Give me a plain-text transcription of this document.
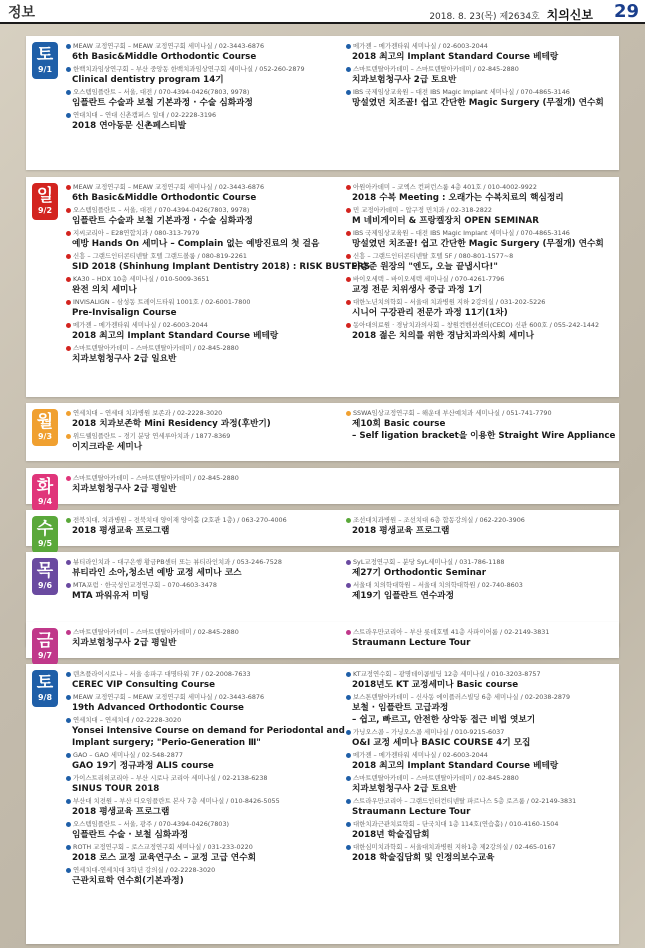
정보	2018. 8. 23(목) 제2634호 치의신보 29
토
9/1
MEAW 교정연구회 – MEAW 교정연구회 세미나실 / 02-3443-6876
6th Basic&Middle Orthodontic Course
한백치과임상연구회 – 부산 중앙동 한백치과임상연구회 세미나실 / 052-260-2879
Clinical dentistry program 14기
오스템임플란트 – 서울, 대전 / 070-4394-0426(7803, 9978)
임플란트 수술과 보철 기본과정 · 수술 심화과정
연대치대 – 연대 신촌캠퍼스 일대 / 02-2228-3196
2018 연아동문 신촌페스티발
메가젠 – 메가젠타워 세미나실 / 02-6003-2044
2018 최고의 Implant Standard Course 베테랑
스마트덴탈아카데미 – 스마트덴탈아카데미 / 02-845-2880
치과보험청구사 2급 토요반
IBS 국제임상교육원 – 대전 IBS Magic Implant 세미나실 / 070-4865-3146
망설였던 치조골! 쉽고 간단한 Magic Surgery (무절개) 연수회
일
9/2
MEAW 교정연구회 – MEAW 교정연구회 세미나실 / 02-3443-6876
6th Basic&Middle Orthodontic Course
오스템임플란트 – 서울, 대전 / 070-4394-0426(7803, 9978)
임플란트 수술과 보철 기본과정 · 수술 심화과정
지씨코리아 – E28연합치과 / 080-313-7979
예방 Hands On 세미나 – Complain 없는 예방진료의 첫 걸음
신흥 – 그랜드인터콘티넨탈 호텔 그랜드볼룸 / 080-819-2261
SID 2018 (Shinhung Implant Dentistry 2018) : RISK BUSTERS
KA30 – HDX 10층 세미나실 / 010-5009-3651
완전 의치 세미나
INVISALIGN – 삼성동 트레이드타워 1001호 / 02-6001-7800
Pre-Invisalign Course
메가젠 – 메가젠타워 세미나실 / 02-6003-2044
2018 최고의 Implant Standard Course 베테랑
스마트덴탈아카데미 – 스마트덴탈아카데미 / 02-845-2880
치과보험청구사 2급 일요반
아원아카데미 – 코엑스 컨퍼런스룸 4층 401호 / 010-4002-9922
2018 수복 Meeting : 오래가는 수복치료의 핵심정리
민 교정아카데미 – 압구정 민치과 / 02-318-2822
M 네비게이터 & 프랑켈장치 OPEN SEMINAR
IBS 국제임상교육원 – 대전 IBS Magic Implant 세미나실 / 070-4865-3146
망설였던 치조골! 쉽고 간단한 Magic Surgery (무절개) 연수회
신흥 – 그랜드인터콘티넨탈 호텔 5F / 080-801-1577~8
이승준 원장의 "엔도, 오늘 끝냅시다!"
바이오세텍 – 바이오세텍 세미나실 / 070-4261-7796
교정 전문 치위생사 중급 과정 1기
대한노년치의학회 – 서울대 치과병원 지하 2강의실 / 031-202-5226
시니어 구강관리 전문가 과정 11기(1차)
동아대의료원 · 경남치과의사회 – 창원컨벤션센터(CECO) 신관 600호 / 055-242-1442
2018 젊은 치의를 위한 경남치과의사회 세미나
월
9/3
연세치대 – 연세대 치과병원 보존과 / 02-2228-3020
2018 치과보존학 Mini Residency 과정(후반기)
위드웰임플란트 – 경기 분당 연세루아치과 / 1877-8369
이지크라운 세미나
SSWA임상교정연구회 – 해운대 부산예치과 세미나실 / 051-741-7790
제10회 Basic course
– Self ligation bracket을 이용한 Straight Wire Appliance
화
9/4
스마트덴탈아카데미 – 스마트덴탈아카데미 / 02-845-2880
치과보험청구사 2급 평일반
수
9/5
전북치대, 치과병원 – 전북치대 양이재 양이홀 (2호관 1층) / 063-270-4006
2018 평생교육 프로그램
조선대치과병원 – 조선치대 6층 합동강의실 / 062-220-3906
2018 평생교육 프로그램
목
9/6
뷰티라인치과 – 대구은행 황금PB센터 또는 뷰티라인치과 / 053-246-7528
뷰티라인 소아,청소년 예방 교정 세미나 코스
MTA포럼 · 한국성인교정연구회 – 070-4603-3478
MTA 파워유저 미팅
SyL교정연구회 – 분당 SyL세미나실 / 031-786-1188
제27기 Orthodontic Seminar
서울대 치의학대학원 – 서울대 치의학대학원 / 02-740-8603
제19기 임플란트 연수과정
금
9/7
스마트덴탈아카데미 – 스마트덴탈아카데미 / 02-845-2880
치과보험청구사 2급 평일반
스트라우만코리아 – 부산 롯데호텔 41층 사파이어룸 / 02-2149-3831
Straumann Lecture Tour
토
9/8
덴츠플라이시로나 – 서울 송파구 대명타워 7F / 02-2008-7633
CEREC VIP Consulting Course
MEAW 교정연구회 – MEAW 교정연구회 세미나실 / 02-3443-6876
19th Advanced Orthodontic Course
연세치대 – 연세치대 / 02-2228-3020
Yonsei Intensive Course on demand for Periodontal and
Implant surgery; "Perio-Generation Ⅲ"
GAO – GAO 세미나실 / 02-548-2877
GAO 19기 정규과정 ALIS course
가이스트리히코리아 – 부산 시로나 코리아 세미나실 / 02-2138-6238
SINUS TOUR 2018
부산대 치전원 – 부산 디오임플란트 본사 7층 세미나실 / 010-8426-5055
2018 평생교육 프로그램
오스템임플란트 – 서울, 광주 / 070-4394-0426(7803)
임플란트 수술 · 보철 심화과정
ROTH 교정연구회 – 로스교정연구회 세미나실 / 031-233-0220
2018 로스 교정 교육연구소 – 교정 고급 연수회
연세치대-연세치대 3학년 강의실 / 02-2228-3020
근관치료학 연수회(기본과정)
KT교정연수회 – 광명데이콤빌딩 12층 세미나실 / 010-3203-8757
2018년도 KT 교정세미나 Basic course
보스톤덴탈아카데미 – 신사동 에이플러스빌딩 6층 세미나실 / 02-2038-2879
보철 · 임플란트 고급과정
– 쉽고, 빠르고, 안전한 상악동 접근 비법 엿보기
가닝오스콤 – 가닝오스콤 세미나실 / 010-9215-6037
O&I 교정 세미나 BASIC COURSE 4기 모집
메가젠 – 메가젠타워 세미나실 / 02-6003-2044
2018 최고의 Implant Standard Course 베테랑
스마트덴탈아카데미 – 스마트덴탈아카데미 / 02-845-2880
치과보험청구사 2급 토요반
스트라우만코리아 – 그랜드인터컨티넨탈 파르나스 5층 로즈룸 / 02-2149-3831
Straumann Lecture Tour
대한치과근관치료학회 – 단국치대 1층 114호(연습홀) / 010-4160-1504
2018년 학술집담회
대한심미치과학회 – 서울대치과병원 지하1층 제2강의실 / 02-465-0167
2018 학술집담회 및 인정의보수교육
